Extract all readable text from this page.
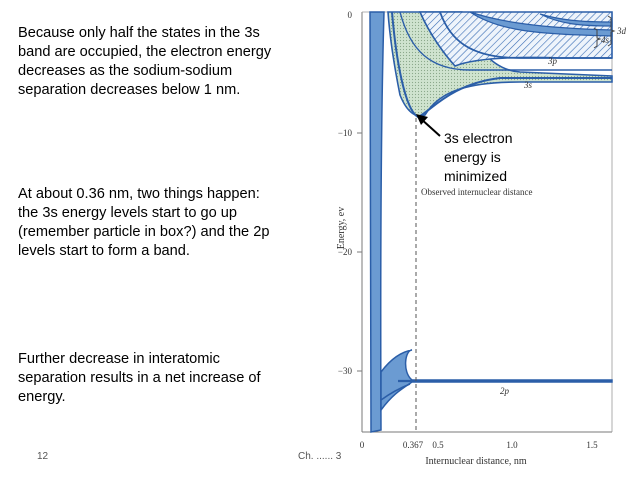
Because only half the states in the 3s
band are occupied, the electron energy
decreases as the sodium-sodium
separation decreases below 1 nm.
At about 0.36 nm, two things happen:
the 3s energy levels start to go up
(remember particle in box?) and the 2p
levels start to form a band.
Further decrease in interatomic
separation results in a net increase of
energy.
12	Ch. ...... 3
0
−10
−20
−30
Energy, ev
0	0.367 0.5	1.0	1.5
Internuclear distance, nm
3d
4s
3p
3s
2p
3s electron
energy is
minimized
Observed internuclear distance
